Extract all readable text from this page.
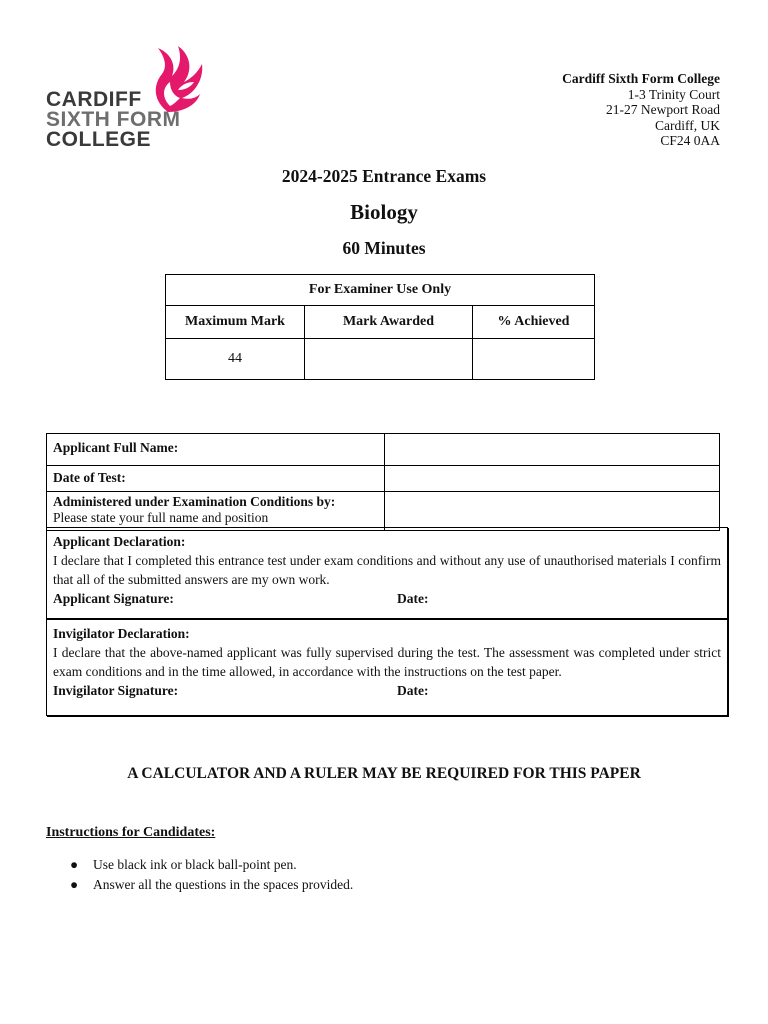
CARDIFF
SIXTH FORM
COLLEGE
Cardiff Sixth Form College
1-3 Trinity Court
21-27 Newport Road
Cardiff, UK
CF24 0AA
2024-2025 Entrance Exams
Biology
60 Minutes
For Examiner Use Only		
Maximum Mark	Mark Awarded	% Achieved
44		
Applicant Full Name:	
Date of Test:	

Administered under Examination Conditions by:
Please state your full name and position	

Applicant Declaration:
I declare that I completed this entrance test under exam conditions and without any use of unauthorised materials I confirm that all of the submitted answers are my own work.
Applicant Signature:	Date:
Invigilator Declaration:
I declare that the above-named applicant was fully supervised during the test. The assessment was completed under strict exam conditions and in the time allowed, in accordance with the instructions on the test paper.
Invigilator Signature:	Date:
A CALCULATOR AND A RULER MAY BE REQUIRED FOR THIS PAPER
Instructions for Candidates:
● Use black ink or black ball-point pen.
● Answer all the questions in the spaces provided.
